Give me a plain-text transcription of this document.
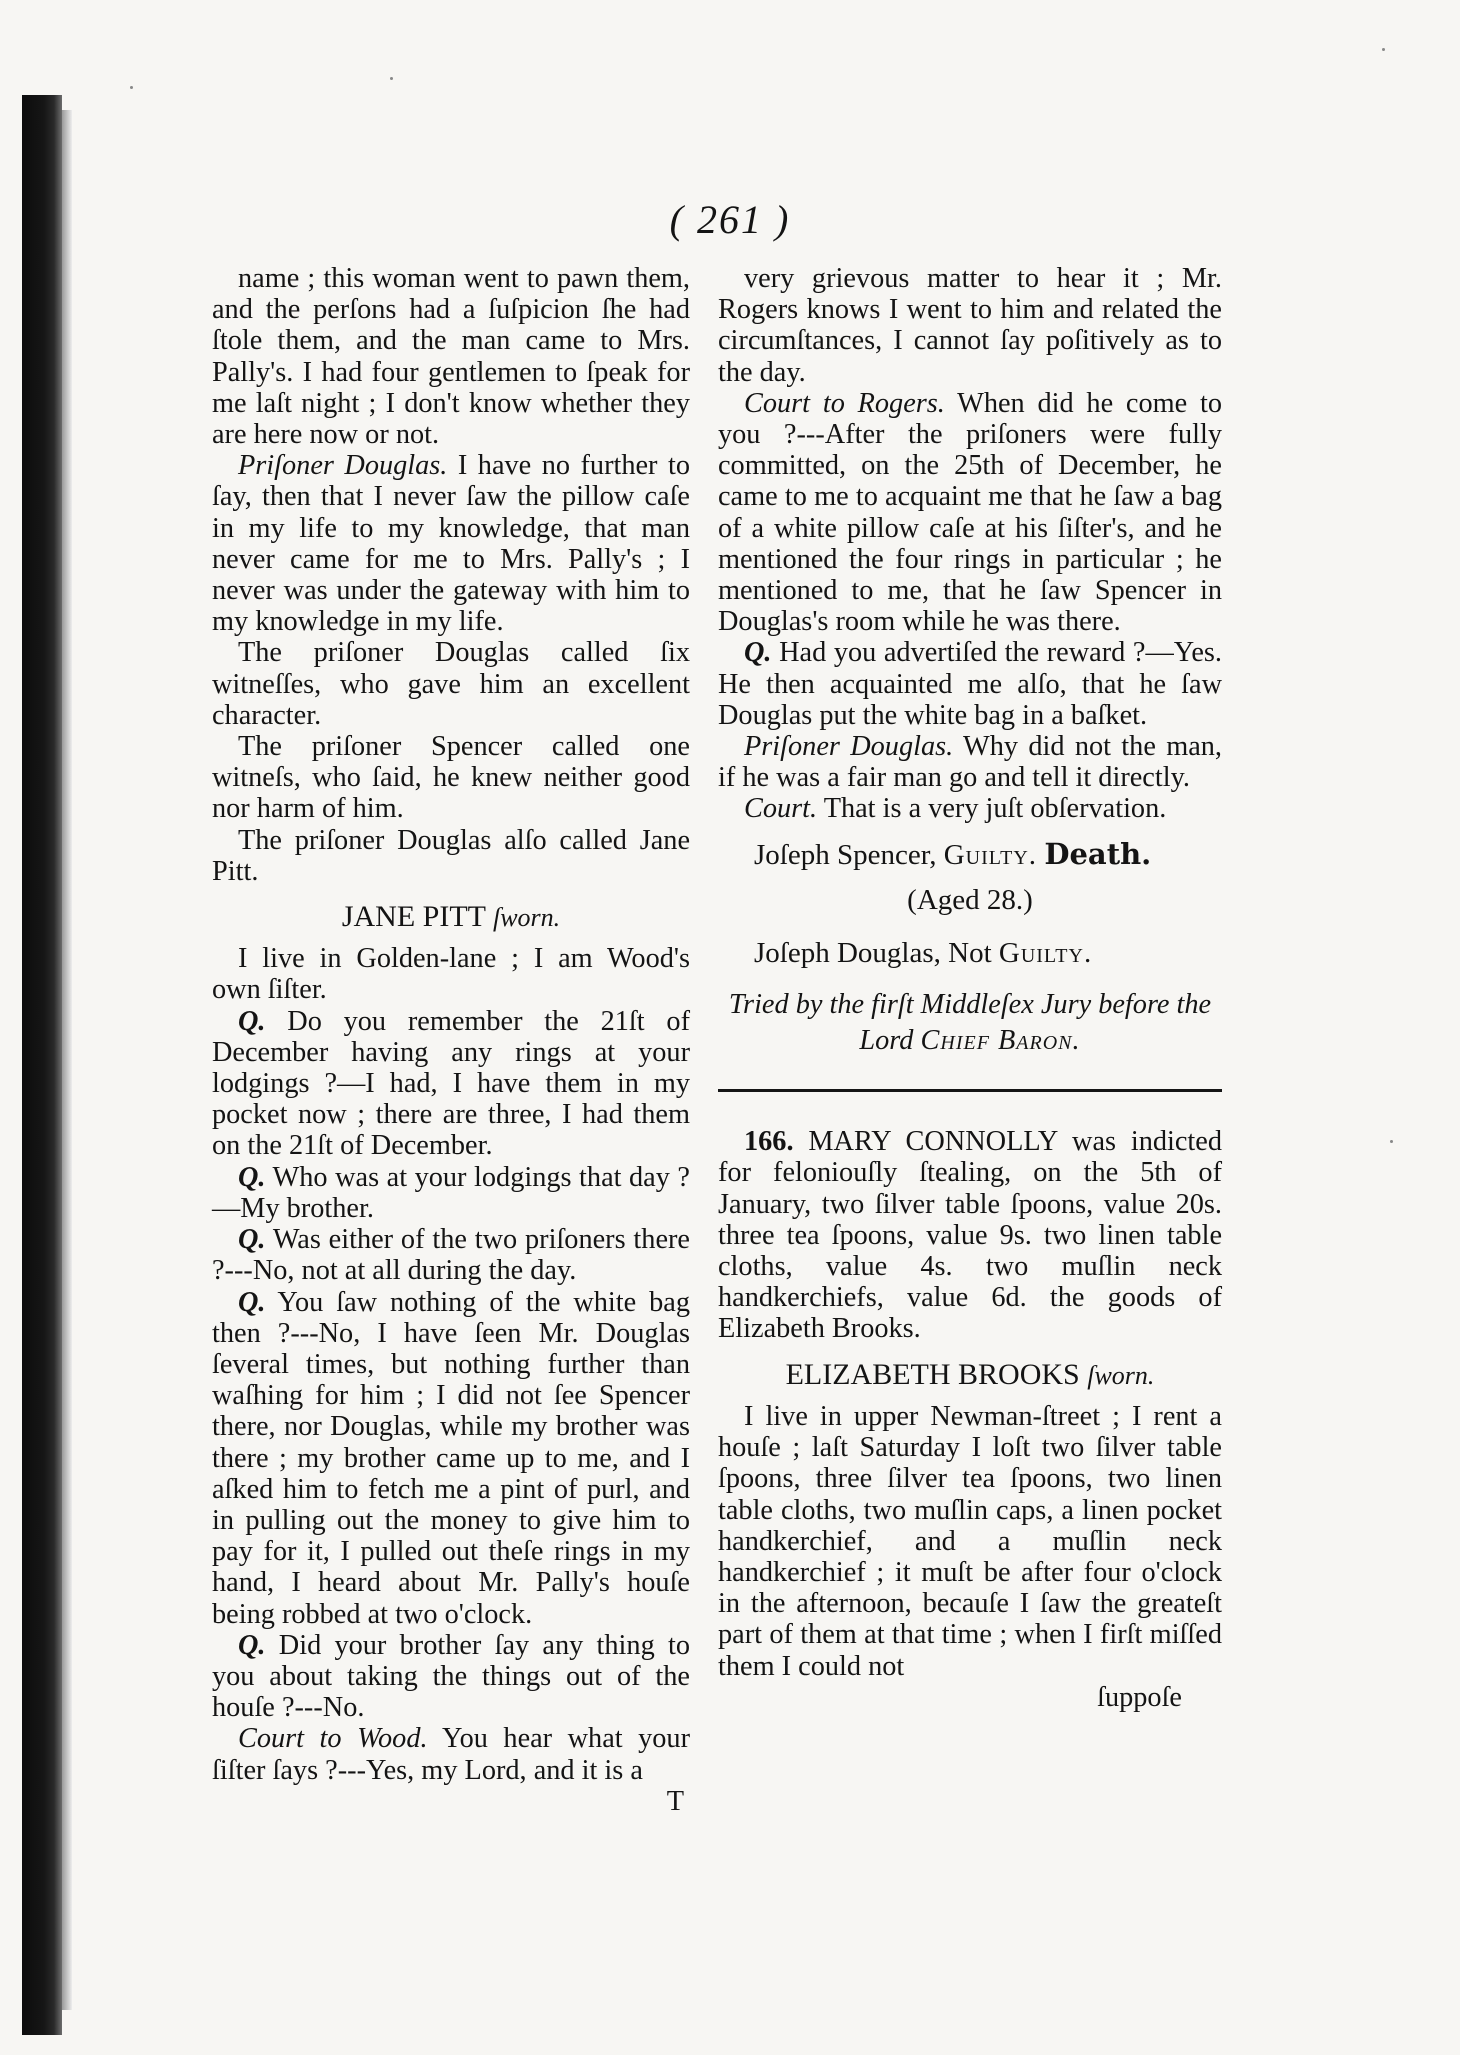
( 261 )

name ; this woman went to pawn them, and the perſons had a ſuſpicion ſhe had ſtole them, and the man came to Mrs. Pally's. I had four gentlemen to ſpeak for me laſt night ; I don't know whether they are here now or not.

Priſoner Douglas. I have no further to ſay, then that I never ſaw the pillow caſe in my life to my knowledge, that man never came for me to Mrs. Pally's ; I never was under the gateway with him to my knowledge in my life.

The priſoner Douglas called ſix witneſſes, who gave him an excellent character.

The priſoner Spencer called one witneſs, who ſaid, he knew neither good nor harm of him.

The priſoner Douglas alſo called Jane Pitt.

JANE PITT ſworn.

I live in Golden-lane ; I am Wood's own ſiſter.

Q. Do you remember the 21ſt of December having any rings at your lodgings ?—I had, I have them in my pocket now ; there are three, I had them on the 21ſt of December.

Q. Who was at your lodgings that day ?—My brother.

Q. Was either of the two priſoners there ?---No, not at all during the day.

Q. You ſaw nothing of the white bag then ?---No, I have ſeen Mr. Douglas ſeveral times, but nothing further than waſhing for him ; I did not ſee Spencer there, nor Douglas, while my brother was there ; my brother came up to me, and I aſked him to fetch me a pint of purl, and in pulling out the money to give him to pay for it, I pulled out theſe rings in my hand, I heard about Mr. Pally's houſe being robbed at two o'clock.

Q. Did your brother ſay any thing to you about taking the things out of the houſe ?---No.

Court to Wood. You hear what your ſiſter ſays ?---Yes, my Lord, and it is a

T

very grievous matter to hear it ; Mr. Rogers knows I went to him and related the circumſtances, I cannot ſay poſitively as to the day.

Court to Rogers. When did he come to you ?---After the priſoners were fully committed, on the 25th of December, he came to me to acquaint me that he ſaw a bag of a white pillow caſe at his ſiſter's, and he mentioned the four rings in particular ; he mentioned to me, that he ſaw Spencer in Douglas's room while he was there.

Q. Had you advertiſed the reward ?—Yes. He then acquainted me alſo, that he ſaw Douglas put the white bag in a baſket.

Priſoner Douglas. Why did not the man, if he was a fair man go and tell it directly.

Court. That is a very juſt obſervation.

Joſeph Spencer, Guilty. Death.
(Aged 28.)
Joſeph Douglas, Not Guilty.
Tried by the firſt Middleſex Jury before the
Lord Chief Baron.

166. MARY CONNOLLY was indicted for feloniouſly ſtealing, on the 5th of January, two ſilver table ſpoons, value 20s. three tea ſpoons, value 9s. two linen table cloths, value 4s. two muſlin neck handkerchiefs, value 6d. the goods of Elizabeth Brooks.

ELIZABETH BROOKS ſworn.

I live in upper Newman-ſtreet ; I rent a houſe ; laſt Saturday I loſt two ſilver table ſpoons, three ſilver tea ſpoons, two linen table cloths, two muſlin caps, a linen pocket handkerchief, and a muſlin neck handkerchief ; it muſt be after four o'clock in the afternoon, becauſe I ſaw the greateſt part of them at that time ; when I firſt miſſed them I could not

ſuppoſe
